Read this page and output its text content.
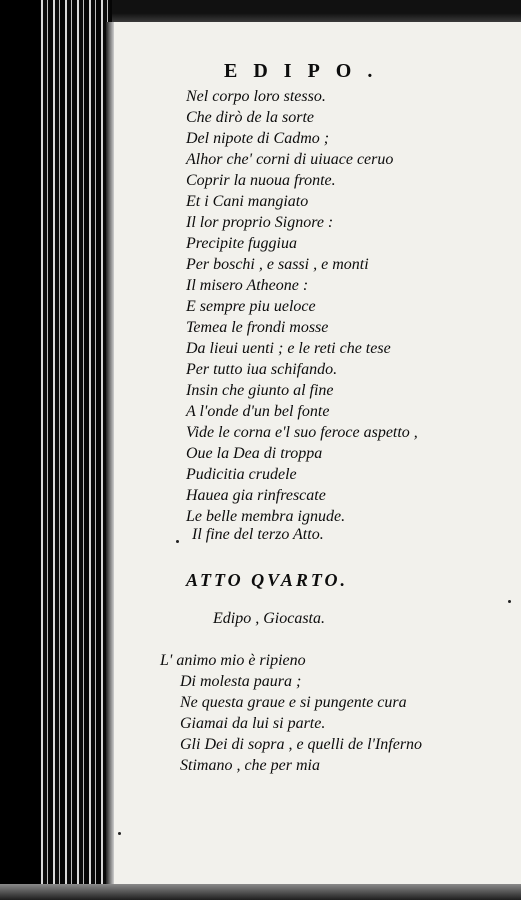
EDIPO.

Nel corpo loro stesso.
Che dirò de la sorte
Del nipote di Cadmo ;
Alhor che' corni di uiuace ceruo
Coprir la nuoua fronte.
Et i Cani mangiato
Il lor proprio Signore :
Precipite fuggiua
Per boschi , e sassi , e monti
Il misero Atheone :
E sempre piu ueloce
Temea le frondi mosse
Da lieui uenti ; e le reti che tese
Per tutto iua schifando.
Insin che giunto al fine
A l'onde d'un bel fonte
Vide le corna e'l suo feroce aspetto ,
Oue la Dea di troppa
Pudicitia crudele
Hauea gia rinfrescate
Le belle membra ignude.

Il fine del terzo Atto.

ATTO QVARTO.

Edipo , Giocasta.

L' animo mio è ripieno
Di molesta paura ;
Ne questa graue e si pungente cura
Giamai da lui si parte.
Gli Dei di sopra , e quelli de l'Inferno
Stimano , che per mia
